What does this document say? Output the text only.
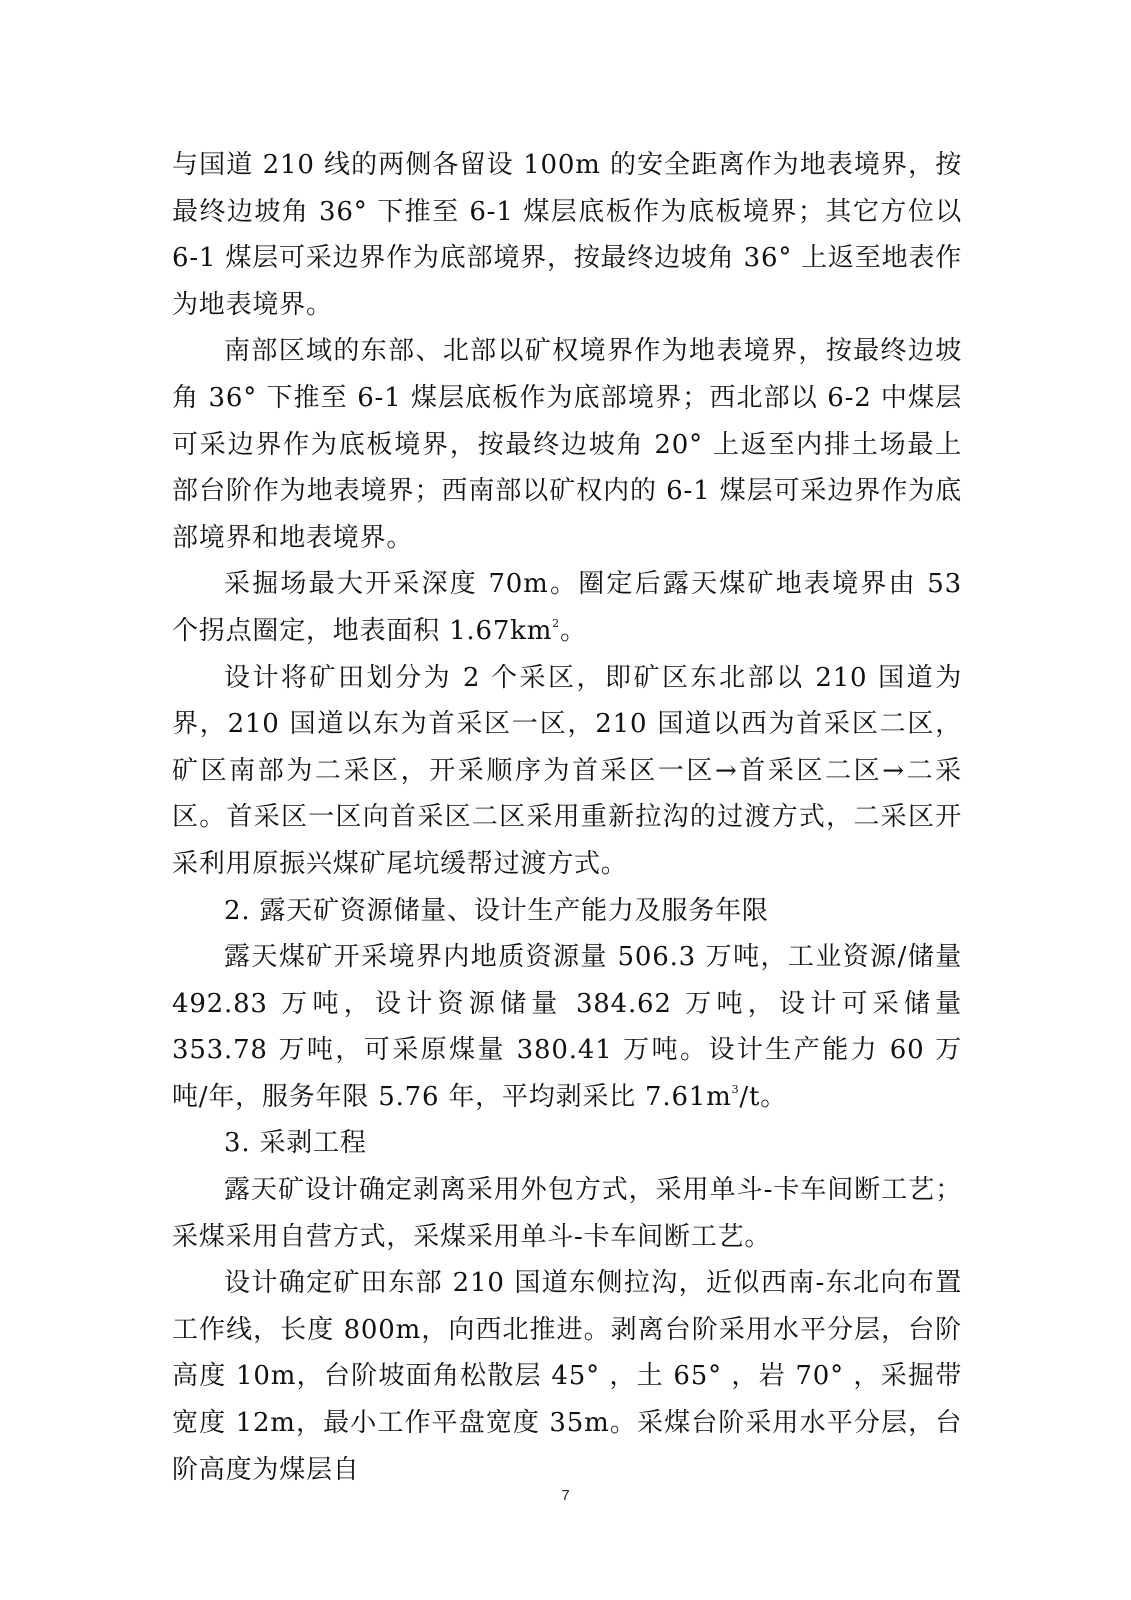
与国道 210 线的两侧各留设 100m 的安全距离作为地表境界，按最终边坡角 36° 下推至 6-1 煤层底板作为底板境界；其它方位以 6-1 煤层可采边界作为底部境界，按最终边坡角 36° 上返至地表作为地表境界。

南部区域的东部、北部以矿权境界作为地表境界，按最终边坡角 36° 下推至 6-1 煤层底板作为底部境界；西北部以 6-2 中煤层可采边界作为底板境界，按最终边坡角 20° 上返至内排土场最上部台阶作为地表境界；西南部以矿权内的 6-1 煤层可采边界作为底部境界和地表境界。

采掘场最大开采深度 70m。圈定后露天煤矿地表境界由 53 个拐点圈定，地表面积 $1.67km^2$。

设计将矿田划分为 2 个采区，即矿区东北部以 210 国道为界，210 国道以东为首采区一区，210 国道以西为首采区二区，矿区南部为二采区，开采顺序为首采区一区→首采区二区→二采区。首采区一区向首采区二区采用重新拉沟的过渡方式，二采区开采利用原振兴煤矿尾坑缓帮过渡方式。

2. 露天矿资源储量、设计生产能力及服务年限

露天煤矿开采境界内地质资源量 506.3 万吨，工业资源/储量 492.83 万吨，设计资源储量 384.62 万吨，设计可采储量 353.78 万吨，可采原煤量 380.41 万吨。设计生产能力 60 万吨/年，服务年限 5.76 年，平均剥采比 $7.61m^3/t$。

3. 采剥工程

露天矿设计确定剥离采用外包方式，采用单斗-卡车间断工艺；采煤采用自营方式，采煤采用单斗-卡车间断工艺。

设计确定矿田东部 210 国道东侧拉沟，近似西南-东北向布置工作线，长度 800m，向西北推进。剥离台阶采用水平分层，台阶高度 10m，台阶坡面角松散层 45° ，土 65° ，岩 70° ，采掘带宽度 12m，最小工作平盘宽度 35m。采煤台阶采用水平分层，台阶高度为煤层自

7
